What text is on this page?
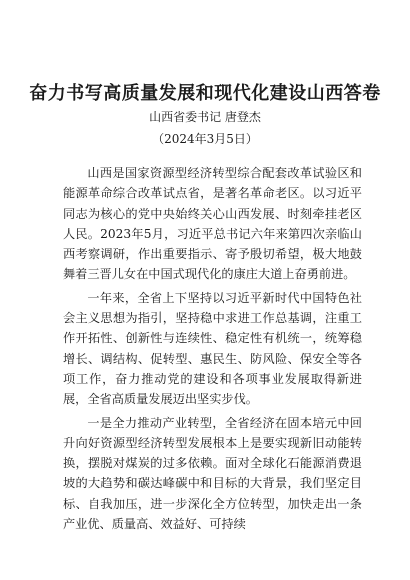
奋力书写高质量发展和现代化建设山西答卷
山西省委书记 唐登杰
（2024年3月5日）

山西是国家资源型经济转型综合配套改革试验区和能源革命综合改革试点省，是著名革命老区。以习近平同志为核心的党中央始终关心山西发展、时刻牵挂老区人民。2023年5月，习近平总书记六年来第四次亲临山西考察调研，作出重要指示、寄予殷切希望，极大地鼓舞着三晋儿女在中国式现代化的康庄大道上奋勇前进。

一年来，全省上下坚持以习近平新时代中国特色社会主义思想为指引，坚持稳中求进工作总基调，注重工作开拓性、创新性与连续性、稳定性有机统一，统筹稳增长、调结构、促转型、惠民生、防风险、保安全等各项工作，奋力推动党的建设和各项事业发展取得新进展，全省高质量发展迈出坚实步伐。

一是全力推动产业转型，全省经济在固本培元中回升向好资源型经济转型发展根本上是要实现新旧动能转换，摆脱对煤炭的过多依赖。面对全球化石能源消费退坡的大趋势和碳达峰碳中和目标的大背景，我们坚定目标、自我加压，进一步深化全方位转型，加快走出一条产业优、质量高、效益好、可持续
